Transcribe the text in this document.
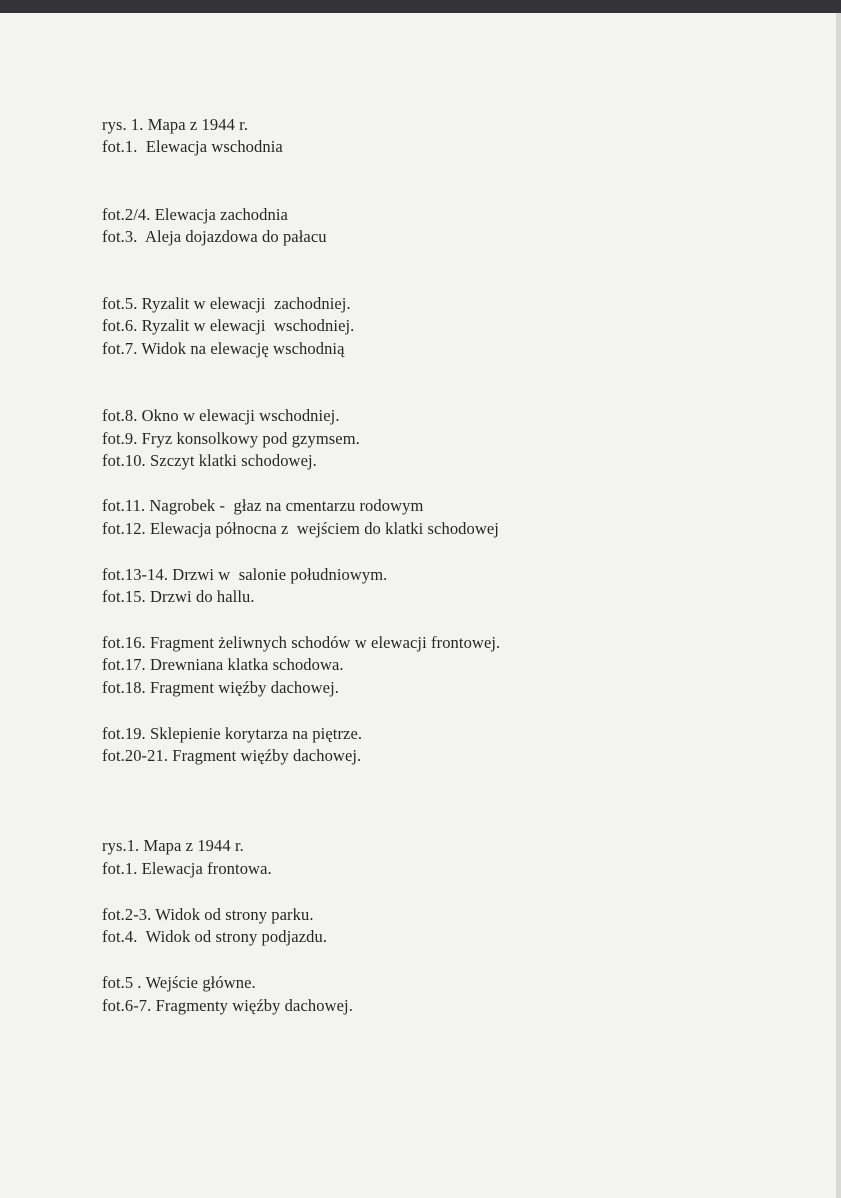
rys. 1. Mapa z 1944 r.
fot.1.  Elewacja wschodnia
fot.2/4. Elewacja zachodnia
fot.3.  Aleja dojazdowa do pałacu
fot.5. Ryzalit w elewacji  zachodniej.
fot.6. Ryzalit w elewacji  wschodniej.
fot.7. Widok na elewację wschodnią
fot.8. Okno w elewacji wschodniej.
fot.9. Fryz konsolkowy pod gzymsem.
fot.10. Szczyt klatki schodowej.
fot.11. Nagrobek -  głaz na cmentarzu rodowym
fot.12. Elewacja północna z  wejściem do klatki schodowej
fot.13-14. Drzwi w  salonie południowym.
fot.15. Drzwi do hallu.
fot.16. Fragment żeliwnych schodów w elewacji frontowej.
fot.17. Drewniana klatka schodowa.
fot.18. Fragment więźby dachowej.
fot.19. Sklepienie korytarza na piętrze.
fot.20-21. Fragment więźby dachowej.
rys.1. Mapa z 1944 r.
fot.1. Elewacja frontowa.
fot.2-3. Widok od strony parku.
fot.4.  Widok od strony podjazdu.
fot.5 . Wejście główne.
fot.6-7. Fragmenty więźby dachowej.
